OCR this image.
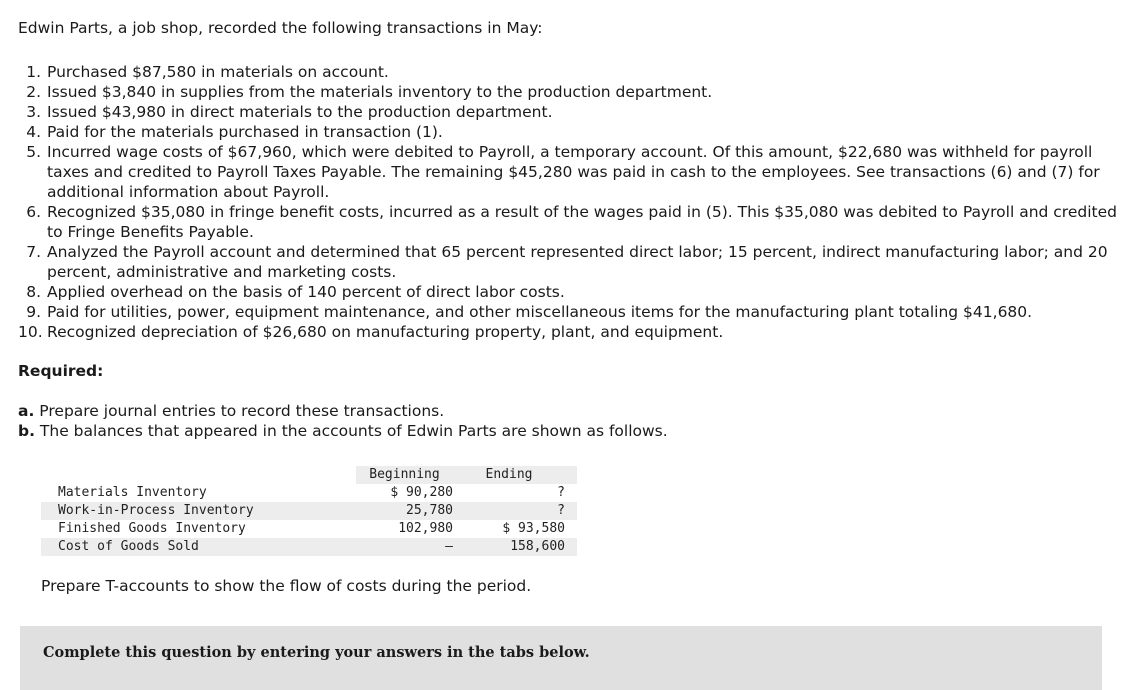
Edwin Parts, a job shop, recorded the following transactions in May:

1. Purchased $87,580 in materials on account.
2. Issued $3,840 in supplies from the materials inventory to the production department.
3. Issued $43,980 in direct materials to the production department.
4. Paid for the materials purchased in transaction (1).
5. Incurred wage costs of $67,960, which were debited to Payroll, a temporary account. Of this amount, $22,680 was withheld for payroll taxes and credited to Payroll Taxes Payable. The remaining $45,280 was paid in cash to the employees. See transactions (6) and (7) for additional information about Payroll.
6. Recognized $35,080 in fringe benefit costs, incurred as a result of the wages paid in (5). This $35,080 was debited to Payroll and credited to Fringe Benefits Payable.
7. Analyzed the Payroll account and determined that 65 percent represented direct labor; 15 percent, indirect manufacturing labor; and 20 percent, administrative and marketing costs.
8. Applied overhead on the basis of 140 percent of direct labor costs.
9. Paid for utilities, power, equipment maintenance, and other miscellaneous items for the manufacturing plant totaling $41,680.
10. Recognized depreciation of $26,680 on manufacturing property, plant, and equipment.

Required:

a. Prepare journal entries to record these transactions.
b. The balances that appeared in the accounts of Edwin Parts are shown as follows.
	Beginning	Ending
Materials Inventory	$ 90,280	?
Work-in-Process Inventory	25,780	?
Finished Goods Inventory	102,980	$ 93,580
Cost of Goods Sold	–	158,600

Prepare T-accounts to show the flow of costs during the period.

Complete this question by entering your answers in the tabs below.
